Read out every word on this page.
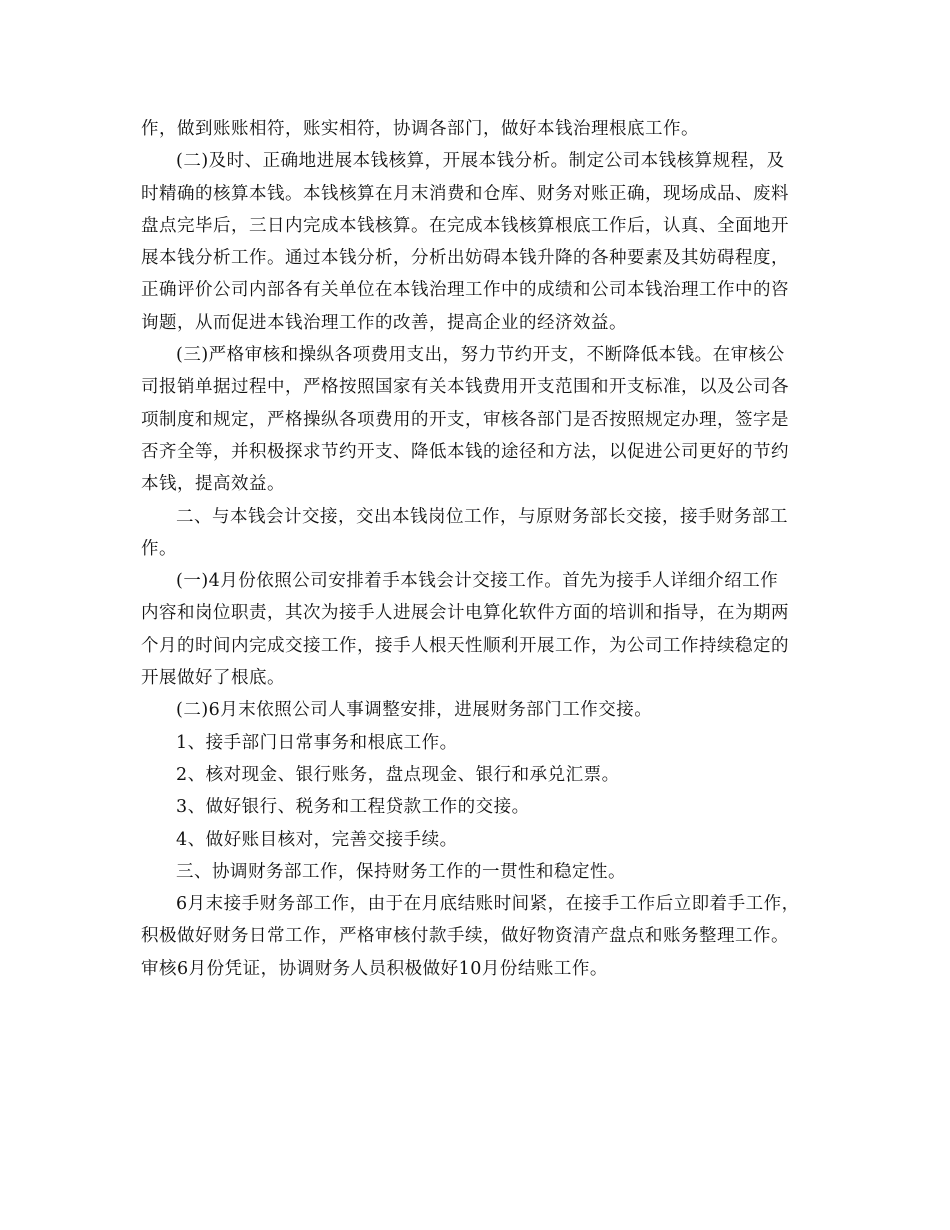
作，做到账账相符，账实相符，协调各部门，做好本钱治理根底工作。
(二)及时、正确地进展本钱核算，开展本钱分析。制定公司本钱核算规程，及
时精确的核算本钱。本钱核算在月末消费和仓库、财务对账正确，现场成品、废料
盘点完毕后，三日内完成本钱核算。在完成本钱核算根底工作后，认真、全面地开
展本钱分析工作。通过本钱分析，分析出妨碍本钱升降的各种要素及其妨碍程度，
正确评价公司内部各有关单位在本钱治理工作中的成绩和公司本钱治理工作中的咨
询题，从而促进本钱治理工作的改善，提高企业的经济效益。
(三)严格审核和操纵各项费用支出，努力节约开支，不断降低本钱。在审核公
司报销单据过程中，严格按照国家有关本钱费用开支范围和开支标准，以及公司各
项制度和规定，严格操纵各项费用的开支，审核各部门是否按照规定办理，签字是
否齐全等，并积极探求节约开支、降低本钱的途径和方法，以促进公司更好的节约
本钱，提高效益。
二、与本钱会计交接，交出本钱岗位工作，与原财务部长交接，接手财务部工
作。
(一)4月份依照公司安排着手本钱会计交接工作。首先为接手人详细介绍工作
内容和岗位职责，其次为接手人进展会计电算化软件方面的培训和指导，在为期两
个月的时间内完成交接工作，接手人根天性顺利开展工作，为公司工作持续稳定的
开展做好了根底。
(二)6月末依照公司人事调整安排，进展财务部门工作交接。
1、接手部门日常事务和根底工作。
2、核对现金、银行账务，盘点现金、银行和承兑汇票。
3、做好银行、税务和工程贷款工作的交接。
4、做好账目核对，完善交接手续。
三、协调财务部工作，保持财务工作的一贯性和稳定性。
6月末接手财务部工作，由于在月底结账时间紧，在接手工作后立即着手工作，
积极做好财务日常工作，严格审核付款手续，做好物资清产盘点和账务整理工作。
审核6月份凭证，协调财务人员积极做好10月份结账工作。
